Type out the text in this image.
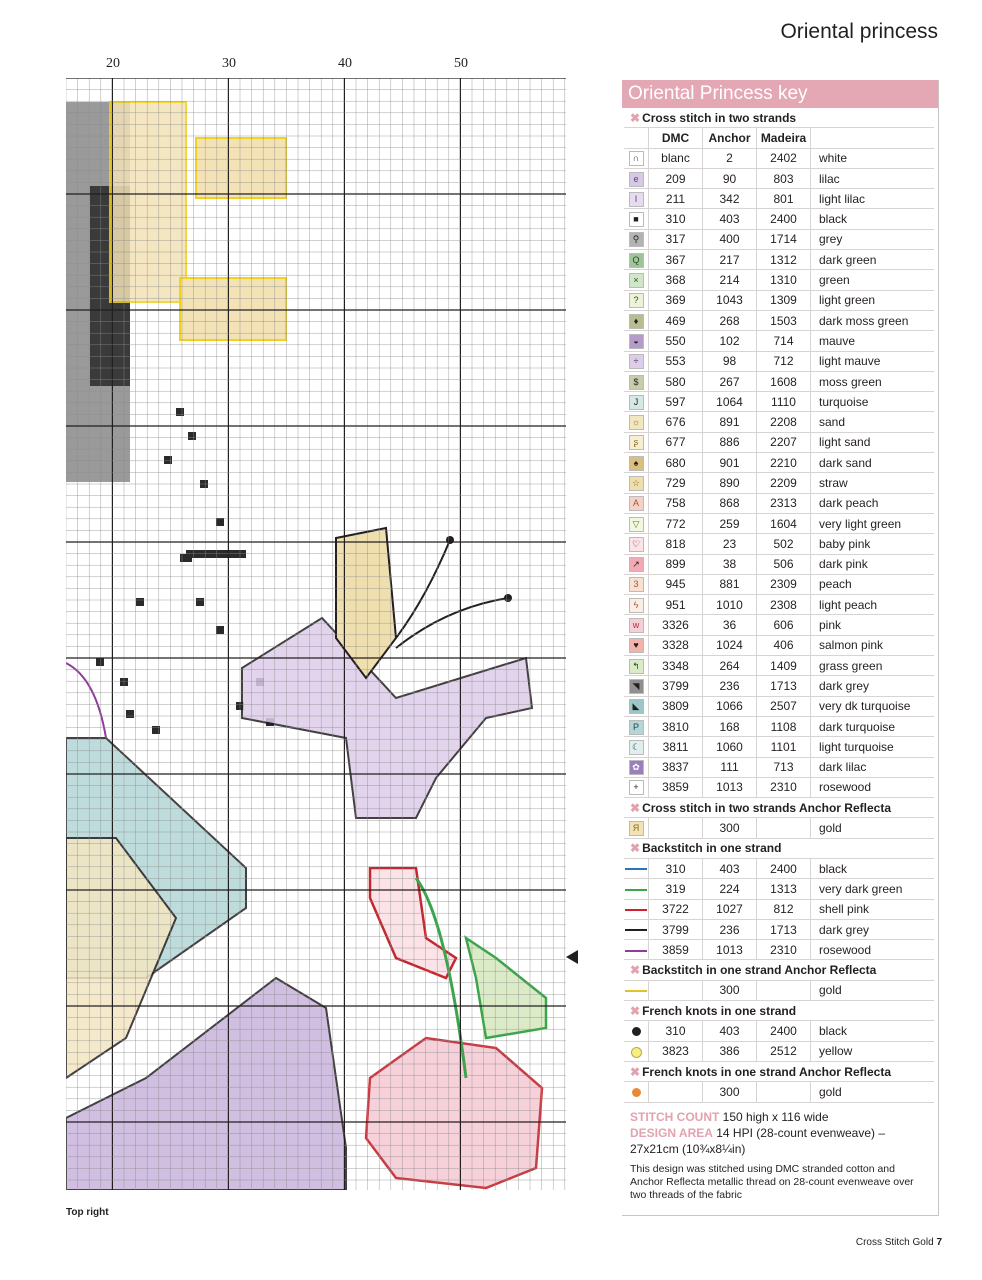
Oriental princess
20	30	40	50
Top right
Oriental Princess key
✖ Cross stitch in two strands				
	DMC	Anchor	Madeira	
∩	blanc	2	2402	white
e	209	90	803	lilac
I	211	342	801	light lilac
■	310	403	2400	black
⚲	317	400	1714	grey
Q	367	217	1312	dark green
×	368	214	1310	green
?	369	1043	1309	light green
♦	469	268	1503	dark moss green
◒	550	102	714	mauve
÷	553	98	712	light mauve
$	580	267	1608	moss green
J	597	1064	1110	turquoise
☼	676	891	2208	sand
ʂ	677	886	2207	light sand
♠	680	901	2210	dark sand
☆	729	890	2209	straw
A	758	868	2313	dark peach
▽	772	259	1604	very light green
♡	818	23	502	baby pink
↗	899	38	506	dark pink
3	945	881	2309	peach
ϟ	951	1010	2308	light peach
w	3326	36	606	pink
♥	3328	1024	406	salmon pink
↰	3348	264	1409	grass green
◥	3799	236	1713	dark grey
◣	3809	1066	2507	very dk turquoise
P	3810	168	1108	dark turquoise
☾	3811	1060	1101	light turquoise
✿	3837	111	713	dark lilac
+	3859	1013	2310	rosewood
✖ Cross stitch in two strands Anchor Reflecta				
Я		300		gold
✖ Backstitch in one strand				
	310	403	2400	black
	319	224	1313	very dark green
	3722	1027	812	shell pink
	3799	236	1713	dark grey
	3859	1013	2310	rosewood
✖ Backstitch in one strand Anchor Reflecta				
		300		gold
✖ French knots in one strand				
	310	403	2400	black
	3823	386	2512	yellow
✖ French knots in one strand Anchor Reflecta				
		300		gold
STITCH COUNT 150 high x 116 wide
DESIGN AREA 14 HPI (28-count evenweave) – 27x21cm (10¾x8¼in)
This design was stitched using DMC stranded cotton and Anchor Reflecta metallic thread on 28-count evenweave over two threads of the fabric
Cross Stitch Gold 7
